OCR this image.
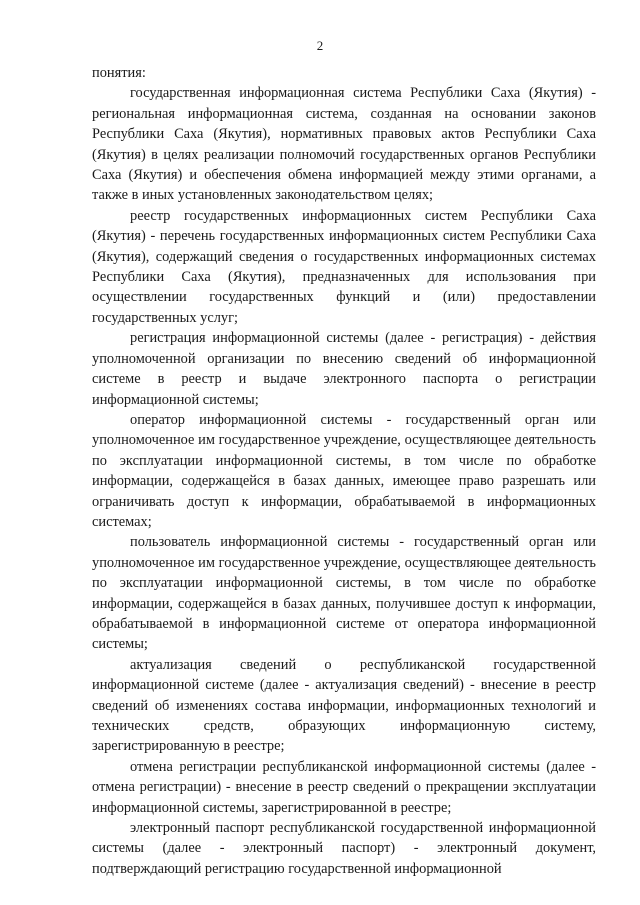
2

понятия:

государственная информационная система Республики Саха (Якутия) - региональная информационная система, созданная на основании законов Республики Саха (Якутия), нормативных правовых актов Республики Саха (Якутия) в целях реализации полномочий государственных органов Республики Саха (Якутия) и обеспечения обмена информацией между этими органами, а также в иных установленных законодательством целях;

реестр государственных информационных систем Республики Саха (Якутия) - перечень государственных информационных систем Республики Саха (Якутия), содержащий сведения о государственных информационных системах Республики Саха (Якутия), предназначенных для использования при осуществлении государственных функций и (или) предоставлении государственных услуг;

регистрация информационной системы (далее - регистрация) - действия уполномоченной организации по внесению сведений об информационной системе в реестр и выдаче электронного паспорта о регистрации информационной системы;

оператор информационной системы - государственный орган или уполномоченное им государственное учреждение, осуществляющее деятельность по эксплуатации информационной системы, в том числе по обработке информации, содержащейся в базах данных, имеющее право разрешать или ограничивать доступ к информации, обрабатываемой в информационных системах;

пользователь информационной системы - государственный орган или уполномоченное им государственное учреждение, осуществляющее деятельность по эксплуатации информационной системы, в том числе по обработке информации, содержащейся в базах данных, получившее доступ к информации, обрабатываемой в информационной системе от оператора информационной системы;

актуализация сведений о республиканской государственной информационной системе (далее - актуализация сведений) - внесение в реестр сведений об изменениях состава информации, информационных технологий и технических средств, образующих информационную систему, зарегистрированную в реестре;

отмена регистрации республиканской информационной системы (далее - отмена регистрации) - внесение в реестр сведений о прекращении эксплуатации информационной системы, зарегистрированной в реестре;

электронный паспорт республиканской государственной информационной системы (далее - электронный паспорт) - электронный документ, подтверждающий регистрацию государственной информационной
